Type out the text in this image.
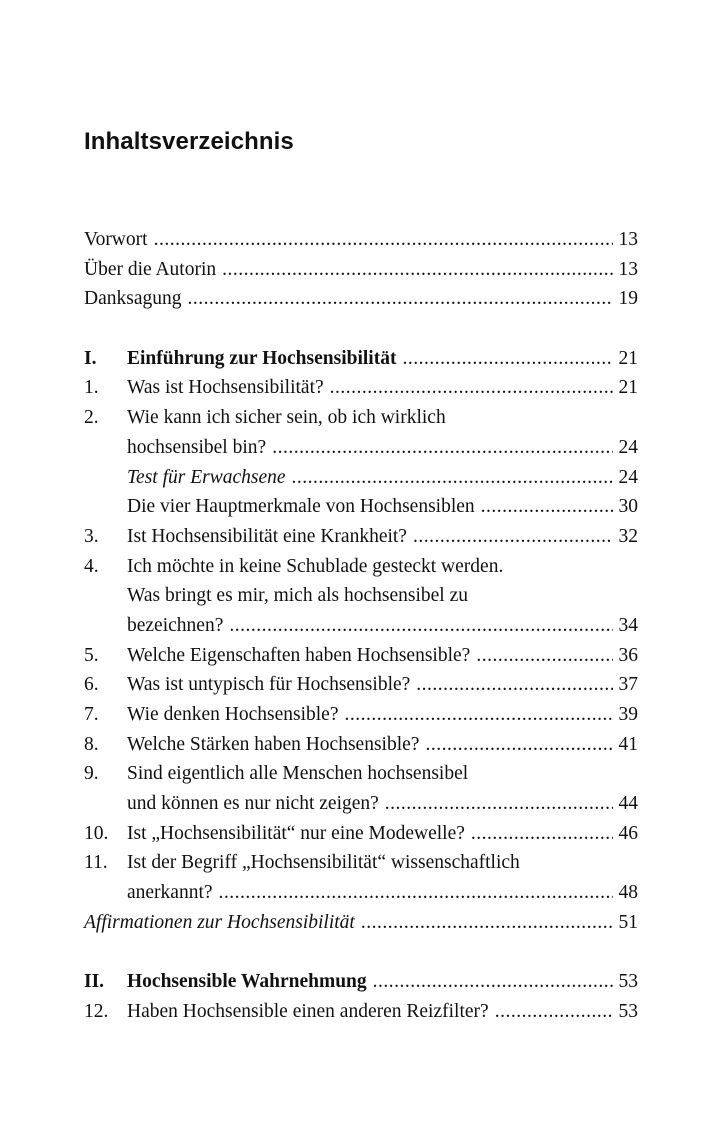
Inhaltsverzeichnis
Vorwort .....	13
Über die Autorin .....	13
Danksagung .....	19
I.	Einführung zur Hochsensibilität .....	21
1.	Was ist Hochsensibilität? .....	21
2.	Wie kann ich sicher sein, ob ich wirklich
hochsensibel bin? .....	24
Test für Erwachsene .....	24
Die vier Hauptmerkmale von Hochsensiblen .....	30
3.	Ist Hochsensibilität eine Krankheit? .....	32
4.	Ich möchte in keine Schublade gesteckt werden.
Was bringt es mir, mich als hochsensibel zu
bezeichnen? .....	34
5.	Welche Eigenschaften haben Hochsensible? .....	36
6.	Was ist untypisch für Hochsensible? .....	37
7.	Wie denken Hochsensible? .....	39
8.	Welche Stärken haben Hochsensible? .....	41
9.	Sind eigentlich alle Menschen hochsensibel
und können es nur nicht zeigen? .....	44
10. Ist „Hochsensibilität“ nur eine Modewelle? .....	46
11. Ist der Begriff „Hochsensibilität“ wissenschaftlich
anerkannt? .....	48
Affirmationen zur Hochsensibilität .....	51
II.	Hochsensible Wahrnehmung .....	53
12. Haben Hochsensible einen anderen Reizfilter? .....	53
